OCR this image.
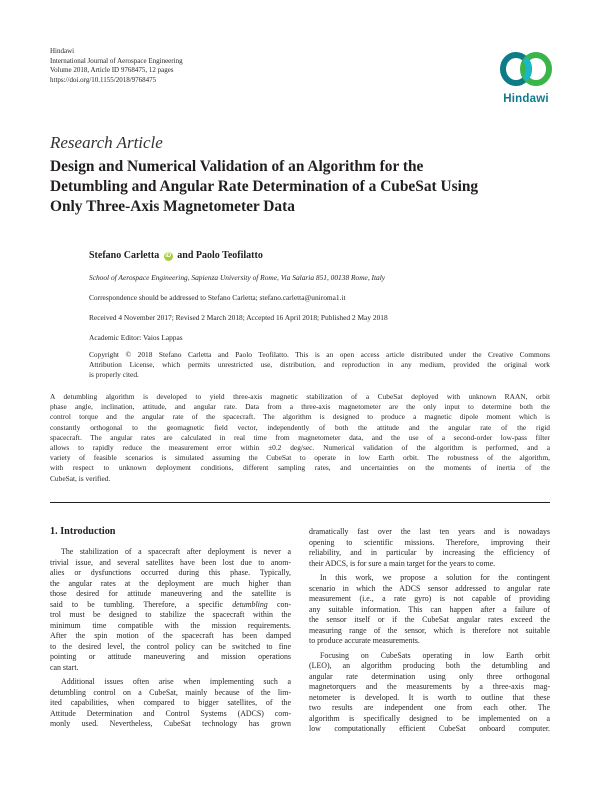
Hindawi
International Journal of Aerospace Engineering
Volume 2018, Article ID 9768475, 12 pages
https://doi.org/10.1155/2018/9768475
Hindawi
Research Article
Design and Numerical Validation of an Algorithm for the
Detumbling and Angular Rate Determination of a CubeSat Using
Only Three-Axis Magnetometer Data
Stefano Carletta iD and Paolo Teofilatto
School of Aerospace Engineering, Sapienza University of Rome, Via Salaria 851, 00138 Rome, Italy
Correspondence should be addressed to Stefano Carletta; stefano.carletta@uniroma1.it
Received 4 November 2017; Revised 2 March 2018; Accepted 16 April 2018; Published 2 May 2018
Academic Editor: Vaios Lappas
Copyright © 2018 Stefano Carletta and Paolo Teofilatto. This is an open access article distributed under the Creative Commons
Attribution License, which permits unrestricted use, distribution, and reproduction in any medium, provided the original work
is properly cited.
A detumbling algorithm is developed to yield three-axis magnetic stabilization of a CubeSat deployed with unknown RAAN, orbit
phase angle, inclination, attitude, and angular rate. Data from a three-axis magnetometer are the only input to determine both the
control torque and the angular rate of the spacecraft. The algorithm is designed to produce a magnetic dipole moment which is
constantly orthogonal to the geomagnetic field vector, independently of both the attitude and the angular rate of the rigid
spacecraft. The angular rates are calculated in real time from magnetometer data, and the use of a second-order low-pass filter
allows to rapidly reduce the measurement error within ±0.2 deg/sec. Numerical validation of the algorithm is performed, and a
variety of feasible scenarios is simulated assuming the CubeSat to operate in low Earth orbit. The robustness of the algorithm,
with respect to unknown deployment conditions, different sampling rates, and uncertainties on the moments of inertia of the
CubeSat, is verified.
1. Introduction
The stabilization of a spacecraft after deployment is never a
trivial issue, and several satellites have been lost due to anom-
alies or dysfunctions occurred during this phase. Typically,
the angular rates at the deployment are much higher than
those desired for attitude maneuvering and the satellite is
said to be tumbling. Therefore, a specific detumbling con-
trol must be designed to stabilize the spacecraft within the
minimum time compatible with the mission requirements.
After the spin motion of the spacecraft has been damped
to the desired level, the control policy can be switched to fine
pointing or attitude maneuvering and mission operations
can start.
Additional issues often arise when implementing such a
detumbling control on a CubeSat, mainly because of the lim-
ited capabilities, when compared to bigger satellites, of the
Attitude Determination and Control Systems (ADCS) com-
monly used. Nevertheless, CubeSat technology has grown
dramatically fast over the last ten years and is nowadays
opening to scientific missions. Therefore, improving their
reliability, and in particular by increasing the efficiency of
their ADCS, is for sure a main target for the years to come.
In this work, we propose a solution for the contingent
scenario in which the ADCS sensor addressed to angular rate
measurement (i.e., a rate gyro) is not capable of providing
any suitable information. This can happen after a failure of
the sensor itself or if the CubeSat angular rates exceed the
measuring range of the sensor, which is therefore not suitable
to produce accurate measurements.
Focusing on CubeSats operating in low Earth orbit
(LEO), an algorithm producing both the detumbling and
angular rate determination using only three orthogonal
magnetorquers and the measurements by a three-axis mag-
netometer is developed. It is worth to outline that these
two results are independent one from each other. The
algorithm is specifically designed to be implemented on a
low computationally efficient CubeSat onboard computer.
